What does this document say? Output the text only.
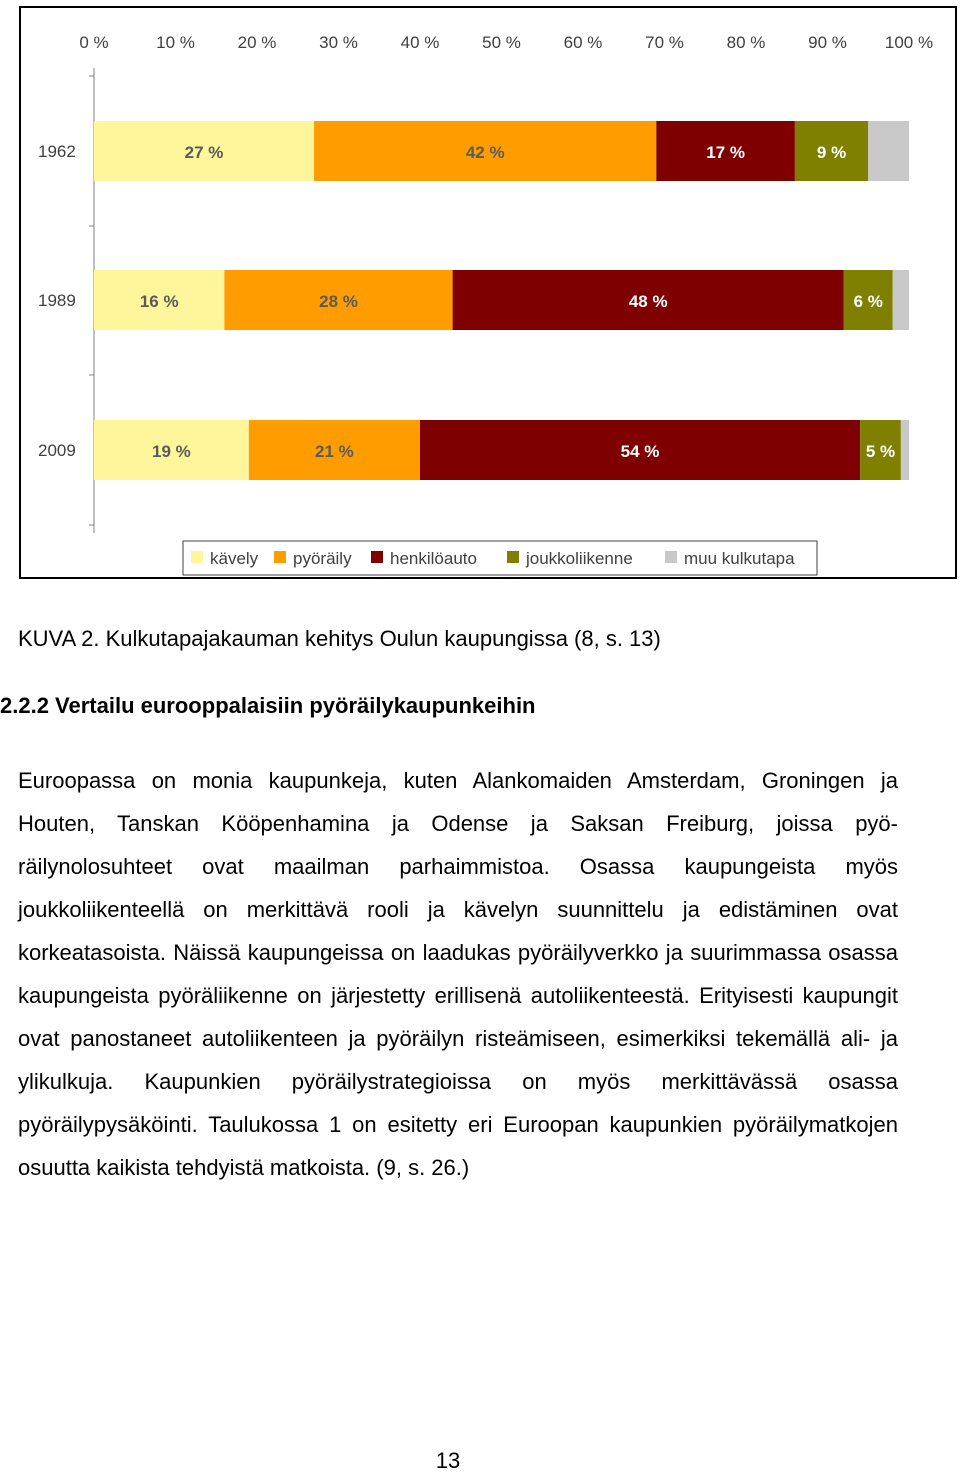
0 %	10 %	20 %	30 %	40 %	50 %	60 %	70 %	80 %	90 % 100 %
1962	27 %	42 %	17 %	9 %
1989	16 %	28 %	48 %	6 %
2009	19 %	21 %	54 %	5 %
kävely pyöräily henkilöauto	joukkoliikenne	muu kulkutapa

KUVA 2. Kulkutapajakauman kehitys Oulun kaupungissa (8, s. 13)

2.2.2 Vertailu eurooppalaisiin pyöräilykaupunkeihin

Euroopassa on monia kaupunkeja, kuten Alankomaiden Amsterdam, Groningen ja Houten, Tanskan Kööpenhamina ja Odense ja Saksan Freiburg, joissa pyöräilynolosuhteet ovat maailman parhaimmistoa. Osassa kaupungeista myös joukkoliikenteellä on merkittävä rooli ja kävelyn suunnittelu ja edistäminen ovat korkeatasoista. Näissä kaupungeissa on laadukas pyöräilyverkko ja suurimmassa osassa kaupungeista pyöräliikenne on järjestetty erillisenä autoliikenteestä. Erityisesti kaupungit ovat panostaneet autoliikenteen ja pyöräilyn risteämiseen, esimerkiksi tekemällä ali- ja ylikulkuja. Kaupunkien pyöräilystrategioissa on myös merkittävässä osassa pyöräilypysäköinti. Taulukossa 1 on esitetty eri Euroopan kaupunkien pyöräilymatkojen osuutta kaikista tehdyistä matkoista. (9, s. 26.)

13
